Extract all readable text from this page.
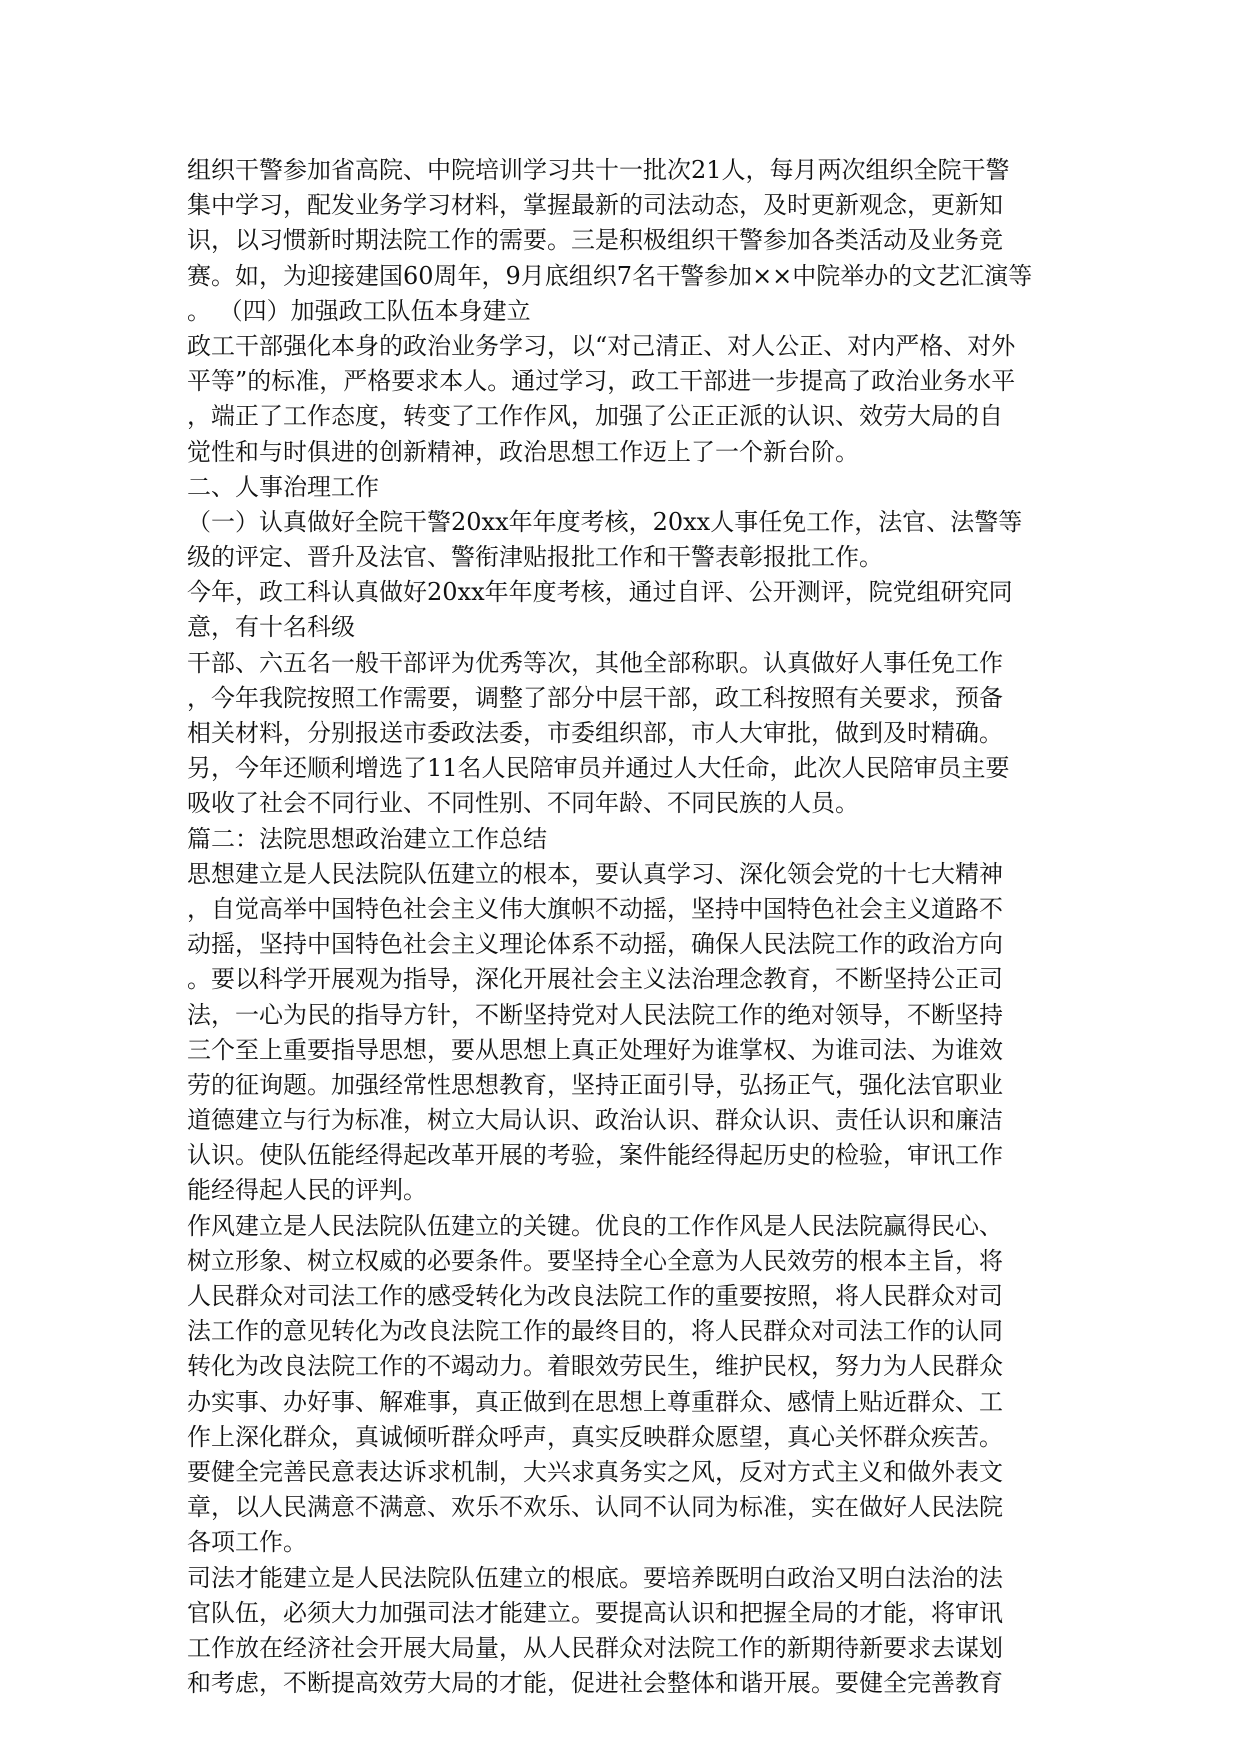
组织干警参加省高院、中院培训学习共十一批次21人，每月两次组织全院干警
集中学习，配发业务学习材料，掌握最新的司法动态，及时更新观念，更新知
识，以习惯新时期法院工作的需要。三是积极组织干警参加各类活动及业务竞
赛。如，为迎接建国60周年，9月底组织7名干警参加××中院举办的文艺汇演等
。 （四）加强政工队伍本身建立
政工干部强化本身的政治业务学习，以“对己清正、对人公正、对内严格、对外
平等”的标准，严格要求本人。通过学习，政工干部进一步提高了政治业务水平
，端正了工作态度，转变了工作作风，加强了公正正派的认识、效劳大局的自
觉性和与时俱进的创新精神，政治思想工作迈上了一个新台阶。
二、人事治理工作
（一）认真做好全院干警20xx年年度考核，20xx人事任免工作，法官、法警等
级的评定、晋升及法官、警衔津贴报批工作和干警表彰报批工作。
今年，政工科认真做好20xx年年度考核，通过自评、公开测评，院党组研究同
意，有十名科级
干部、六五名一般干部评为优秀等次，其他全部称职。认真做好人事任免工作
，今年我院按照工作需要，调整了部分中层干部，政工科按照有关要求，预备
相关材料，分别报送市委政法委，市委组织部，市人大审批，做到及时精确。
另，今年还顺利增选了11名人民陪审员并通过人大任命，此次人民陪审员主要
吸收了社会不同行业、不同性别、不同年龄、不同民族的人员。
篇二：法院思想政治建立工作总结
思想建立是人民法院队伍建立的根本，要认真学习、深化领会党的十七大精神
，自觉高举中国特色社会主义伟大旗帜不动摇，坚持中国特色社会主义道路不
动摇，坚持中国特色社会主义理论体系不动摇，确保人民法院工作的政治方向
。要以科学开展观为指导，深化开展社会主义法治理念教育，不断坚持公正司
法，一心为民的指导方针，不断坚持党对人民法院工作的绝对领导，不断坚持
三个至上重要指导思想，要从思想上真正处理好为谁掌权、为谁司法、为谁效
劳的征询题。加强经常性思想教育，坚持正面引导，弘扬正气，强化法官职业
道德建立与行为标准，树立大局认识、政治认识、群众认识、责任认识和廉洁
认识。使队伍能经得起改革开展的考验，案件能经得起历史的检验，审讯工作
能经得起人民的评判。
作风建立是人民法院队伍建立的关键。优良的工作作风是人民法院赢得民心、
树立形象、树立权威的必要条件。要坚持全心全意为人民效劳的根本主旨，将
人民群众对司法工作的感受转化为改良法院工作的重要按照，将人民群众对司
法工作的意见转化为改良法院工作的最终目的，将人民群众对司法工作的认同
转化为改良法院工作的不竭动力。着眼效劳民生，维护民权，努力为人民群众
办实事、办好事、解难事，真正做到在思想上尊重群众、感情上贴近群众、工
作上深化群众，真诚倾听群众呼声，真实反映群众愿望，真心关怀群众疾苦。
要健全完善民意表达诉求机制，大兴求真务实之风，反对方式主义和做外表文
章，以人民满意不满意、欢乐不欢乐、认同不认同为标准，实在做好人民法院
各项工作。
司法才能建立是人民法院队伍建立的根底。要培养既明白政治又明白法治的法
官队伍，必须大力加强司法才能建立。要提高认识和把握全局的才能，将审讯
工作放在经济社会开展大局量，从人民群众对法院工作的新期待新要求去谋划
和考虑，不断提高效劳大局的才能，促进社会整体和谐开展。要健全完善教育
